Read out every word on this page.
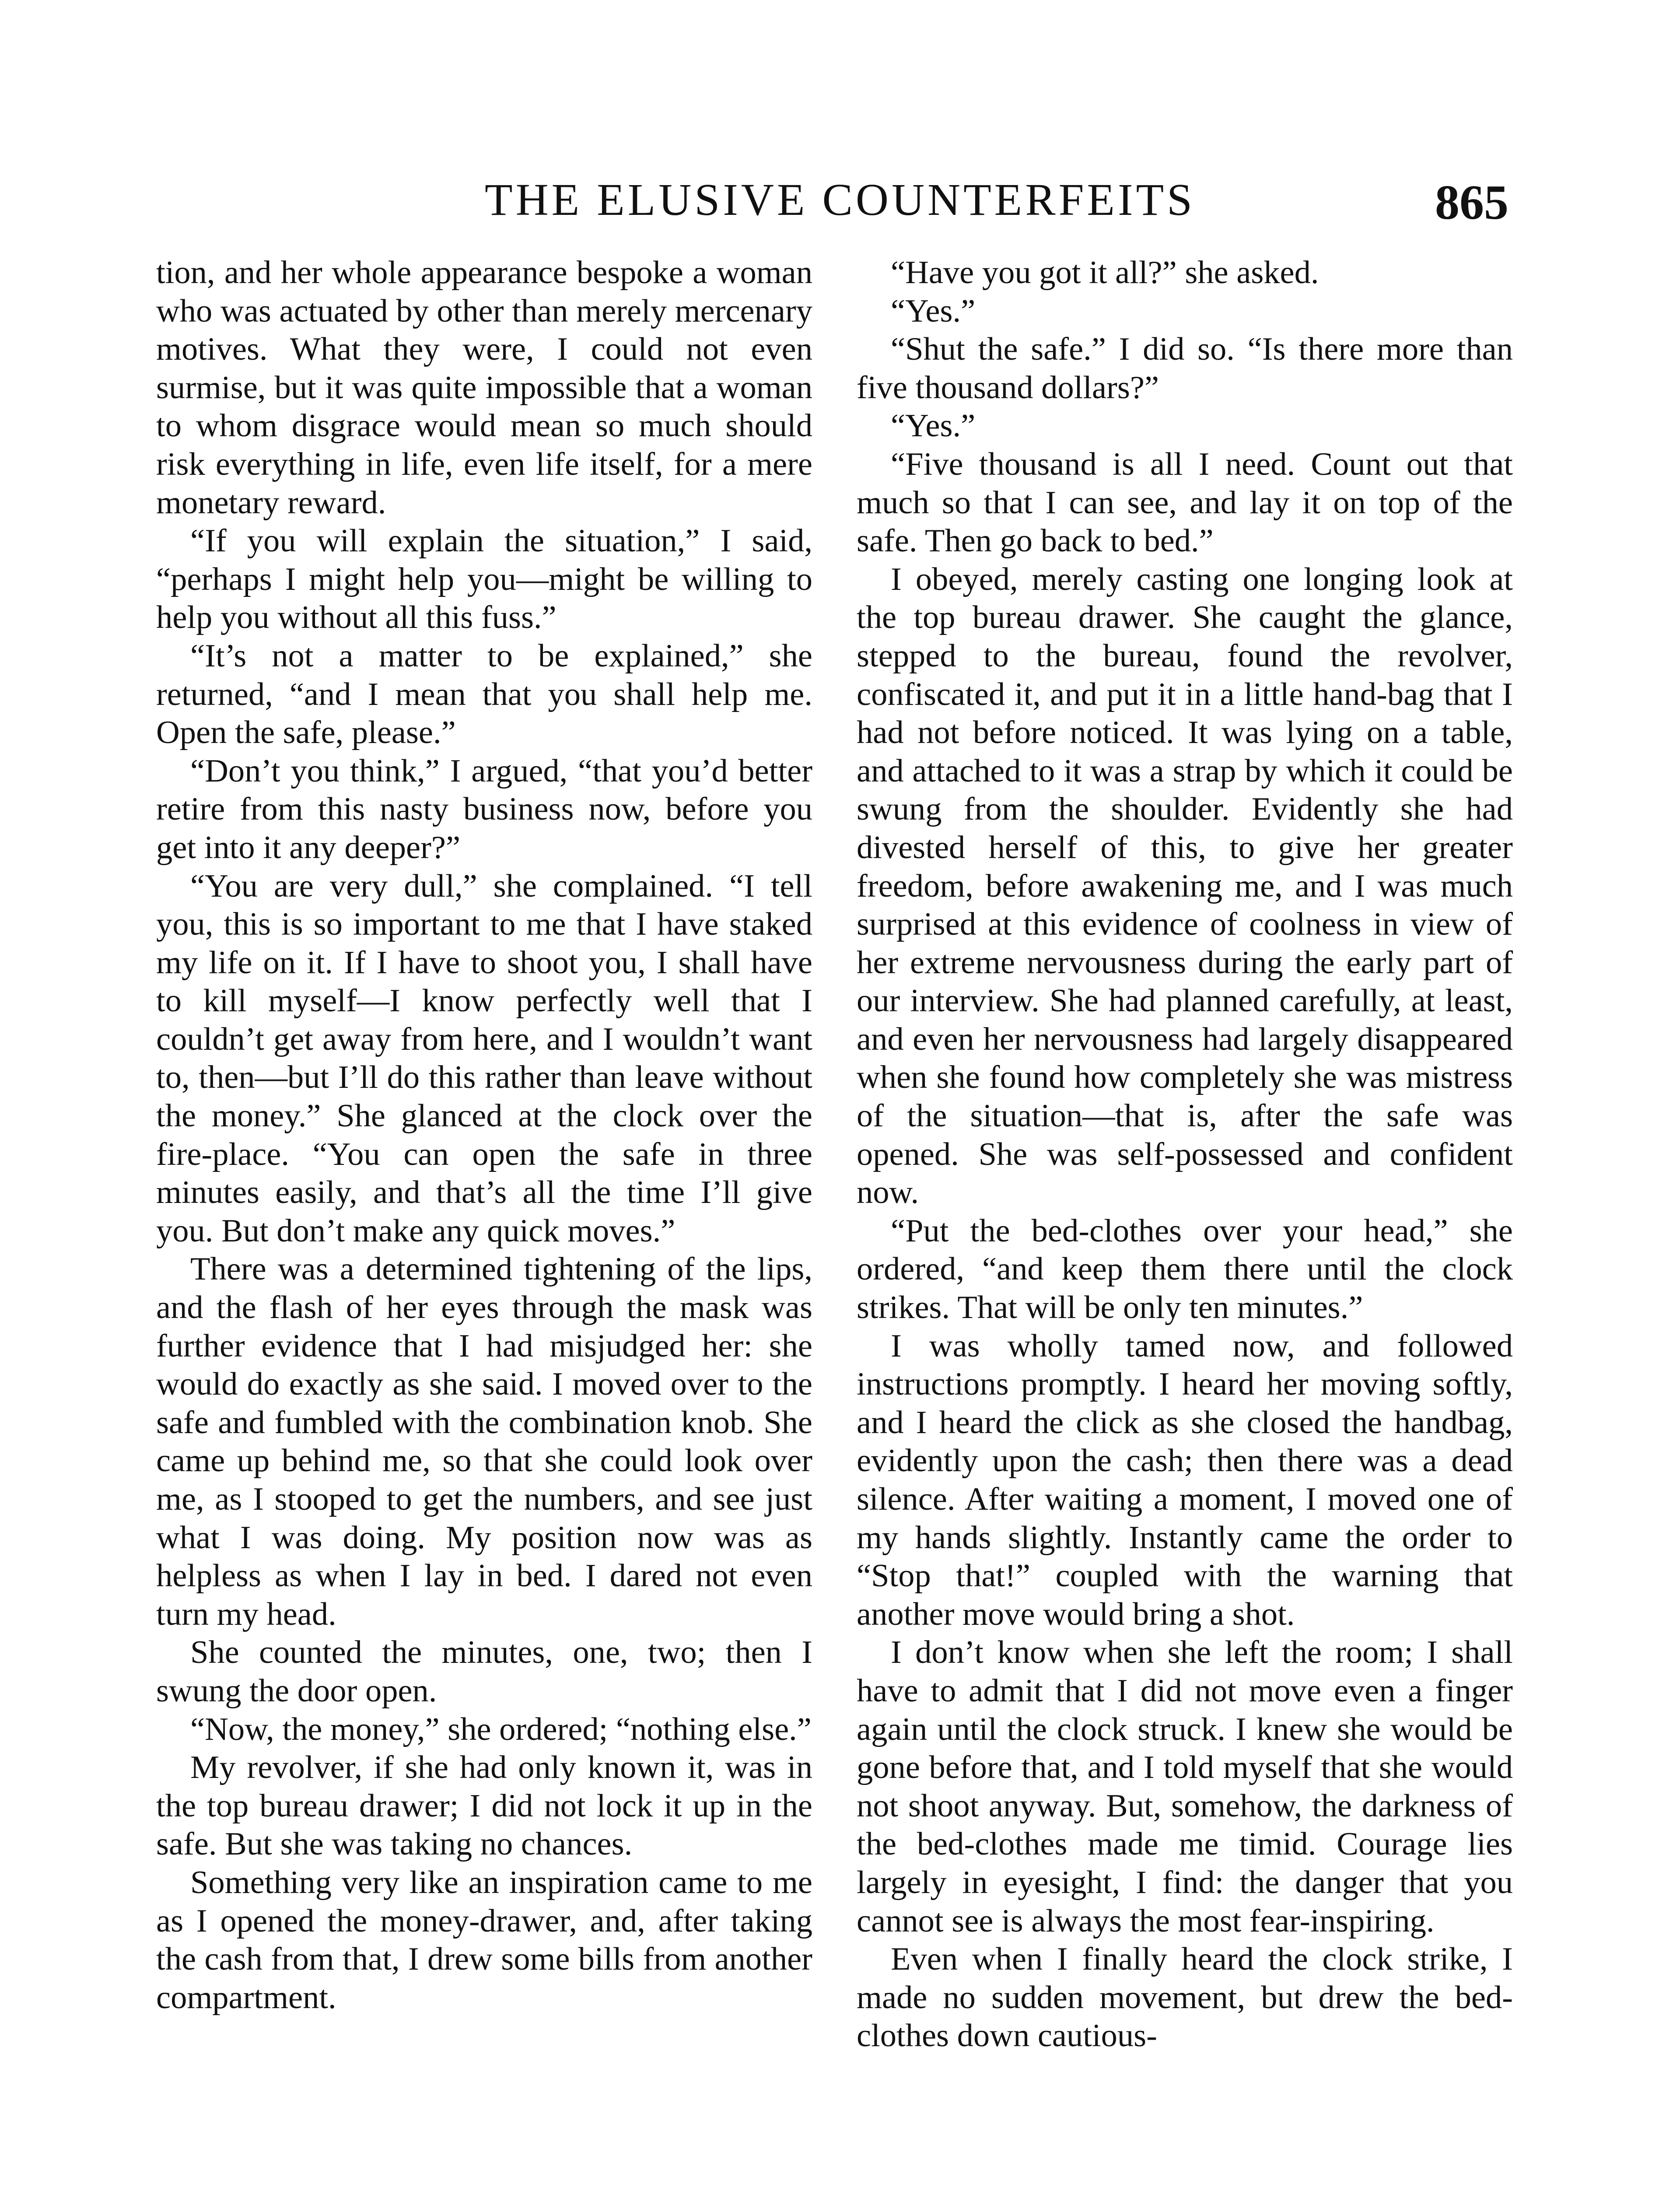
THE ELUSIVE COUNTERFEITS	865

tion, and her whole appearance bespoke a woman who was actuated by other than merely mercenary motives. What they were, I could not even surmise, but it was quite impossible that a woman to whom disgrace would mean so much should risk everything in life, even life itself, for a mere monetary reward.

“If you will explain the situation,” I said, “perhaps I might help you—might be willing to help you without all this fuss.”

“It’s not a matter to be explained,” she returned, “and I mean that you shall help me. Open the safe, please.”

“Don’t you think,” I argued, “that you’d better retire from this nasty business now, before you get into it any deeper?”

“You are very dull,” she complained. “I tell you, this is so important to me that I have staked my life on it. If I have to shoot you, I shall have to kill myself—I know perfectly well that I couldn’t get away from here, and I wouldn’t want to, then—but I’ll do this rather than leave without the money.” She glanced at the clock over the fire-place. “You can open the safe in three minutes easily, and that’s all the time I’ll give you. But don’t make any quick moves.”

There was a determined tightening of the lips, and the flash of her eyes through the mask was further evidence that I had misjudged her: she would do exactly as she said. I moved over to the safe and fumbled with the combination knob. She came up behind me, so that she could look over me, as I stooped to get the numbers, and see just what I was doing. My position now was as helpless as when I lay in bed. I dared not even turn my head.

She counted the minutes, one, two; then I swung the door open.

“Now, the money,” she ordered; “nothing else.”

My revolver, if she had only known it, was in the top bureau drawer; I did not lock it up in the safe. But she was taking no chances.

Something very like an inspiration came to me as I opened the money-drawer, and, after taking the cash from that, I drew some bills from another compartment.

“Have you got it all?” she asked.

“Yes.”

“Shut the safe.” I did so. “Is there more than five thousand dollars?”

“Yes.”

“Five thousand is all I need. Count out that much so that I can see, and lay it on top of the safe. Then go back to bed.”

I obeyed, merely casting one longing look at the top bureau drawer. She caught the glance, stepped to the bureau, found the revolver, confiscated it, and put it in a little hand-bag that I had not before noticed. It was lying on a table, and attached to it was a strap by which it could be swung from the shoulder. Evidently she had divested herself of this, to give her greater freedom, before awakening me, and I was much surprised at this evidence of coolness in view of her extreme nervousness during the early part of our interview. She had planned carefully, at least, and even her nervousness had largely disappeared when she found how completely she was mistress of the situation—that is, after the safe was opened. She was self-possessed and confident now.

“Put the bed-clothes over your head,” she ordered, “and keep them there until the clock strikes. That will be only ten minutes.”

I was wholly tamed now, and followed instructions promptly. I heard her moving softly, and I heard the click as she closed the handbag, evidently upon the cash; then there was a dead silence. After waiting a moment, I moved one of my hands slightly. Instantly came the order to “Stop that!” coupled with the warning that another move would bring a shot.

I don’t know when she left the room; I shall have to admit that I did not move even a finger again until the clock struck. I knew she would be gone before that, and I told myself that she would not shoot anyway. But, somehow, the darkness of the bed-clothes made me timid. Courage lies largely in eyesight, I find: the danger that you cannot see is always the most fear-inspiring.

Even when I finally heard the clock strike, I made no sudden movement, but drew the bed-clothes down cautious-
